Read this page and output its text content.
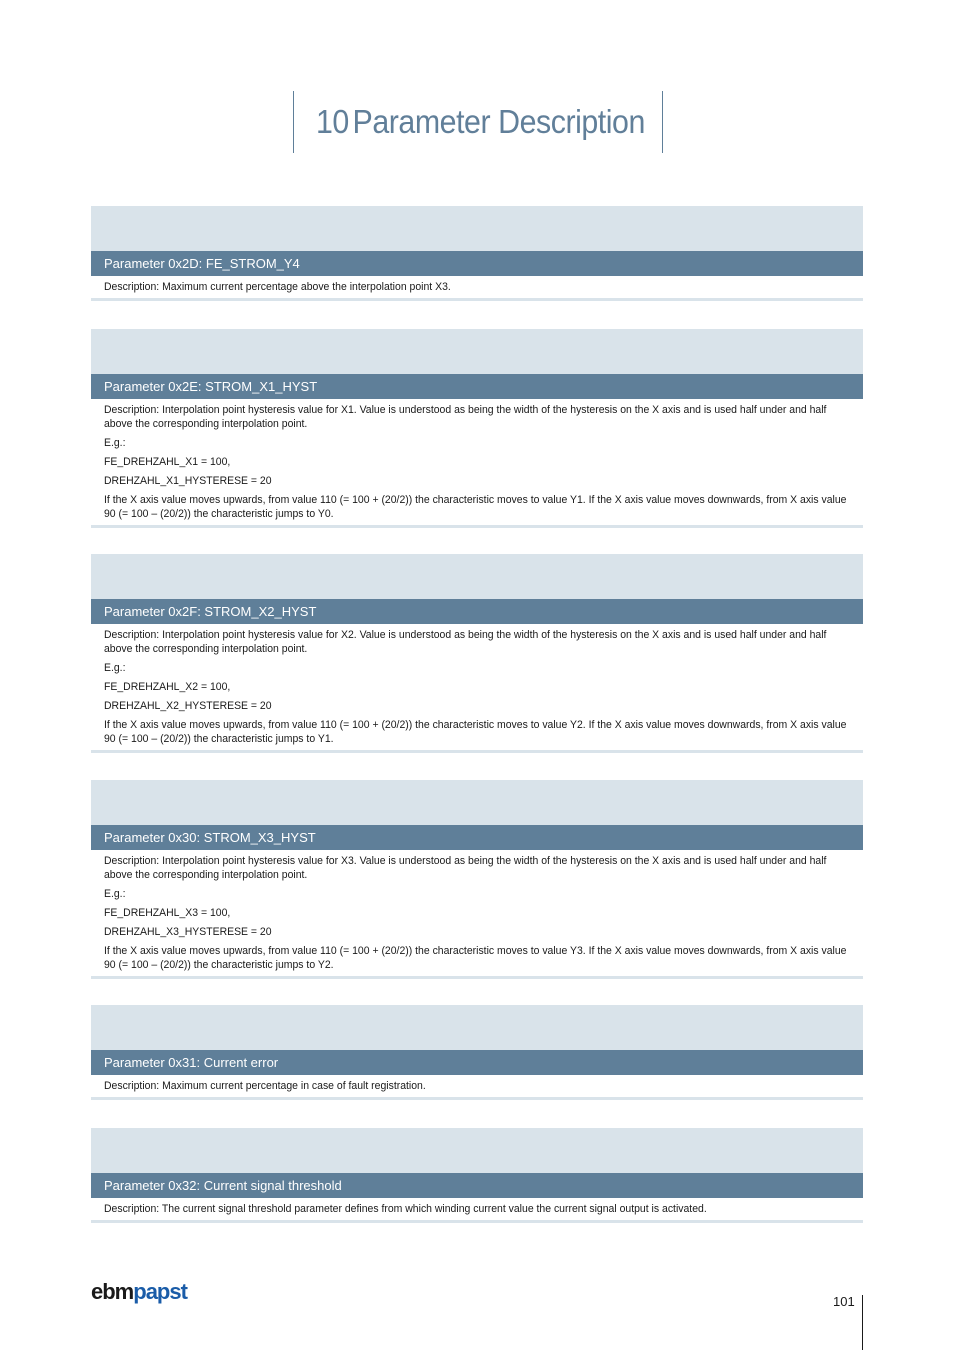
10 Parameter Description
Parameter 0x2D: FE_STROM_Y4

Description: Maximum current percentage above the interpolation point X3.

Parameter 0x2E: STROM_X1_HYST

Description: Interpolation point hysteresis value for X1. Value is understood as being the width of the hysteresis on the X axis and is used half under and half above the corresponding interpolation point.

E.g.:

FE_DREHZAHL_X1 = 100,

DREHZAHL_X1_HYSTERESE = 20

If the X axis value moves upwards, from value 110 (= 100 + (20/2)) the characteristic moves to value Y1. If the X axis value moves downwards, from X axis value 90 (= 100 – (20/2)) the characteristic jumps to Y0.

Parameter 0x2F: STROM_X2_HYST

Description: Interpolation point hysteresis value for X2. Value is understood as being the width of the hysteresis on the X axis and is used half under and half above the corresponding interpolation point.

E.g.:

FE_DREHZAHL_X2 = 100,

DREHZAHL_X2_HYSTERESE = 20

If the X axis value moves upwards, from value 110 (= 100 + (20/2)) the characteristic moves to value Y2. If the X axis value moves downwards, from X axis value 90 (= 100 – (20/2)) the characteristic jumps to Y1.

Parameter 0x30: STROM_X3_HYST

Description: Interpolation point hysteresis value for X3. Value is understood as being the width of the hysteresis on the X axis and is used half under and half above the corresponding interpolation point.

E.g.:

FE_DREHZAHL_X3 = 100,

DREHZAHL_X3_HYSTERESE = 20

If the X axis value moves upwards, from value 110 (= 100 + (20/2)) the characteristic moves to value Y3. If the X axis value moves downwards, from X axis value 90 (= 100 – (20/2)) the characteristic jumps to Y2.

Parameter 0x31: Current error

Description: Maximum current percentage in case of fault registration.

Parameter 0x32: Current signal threshold

Description: The current signal threshold parameter defines from which winding current value the current signal output is activated.

ebmpapst	101
